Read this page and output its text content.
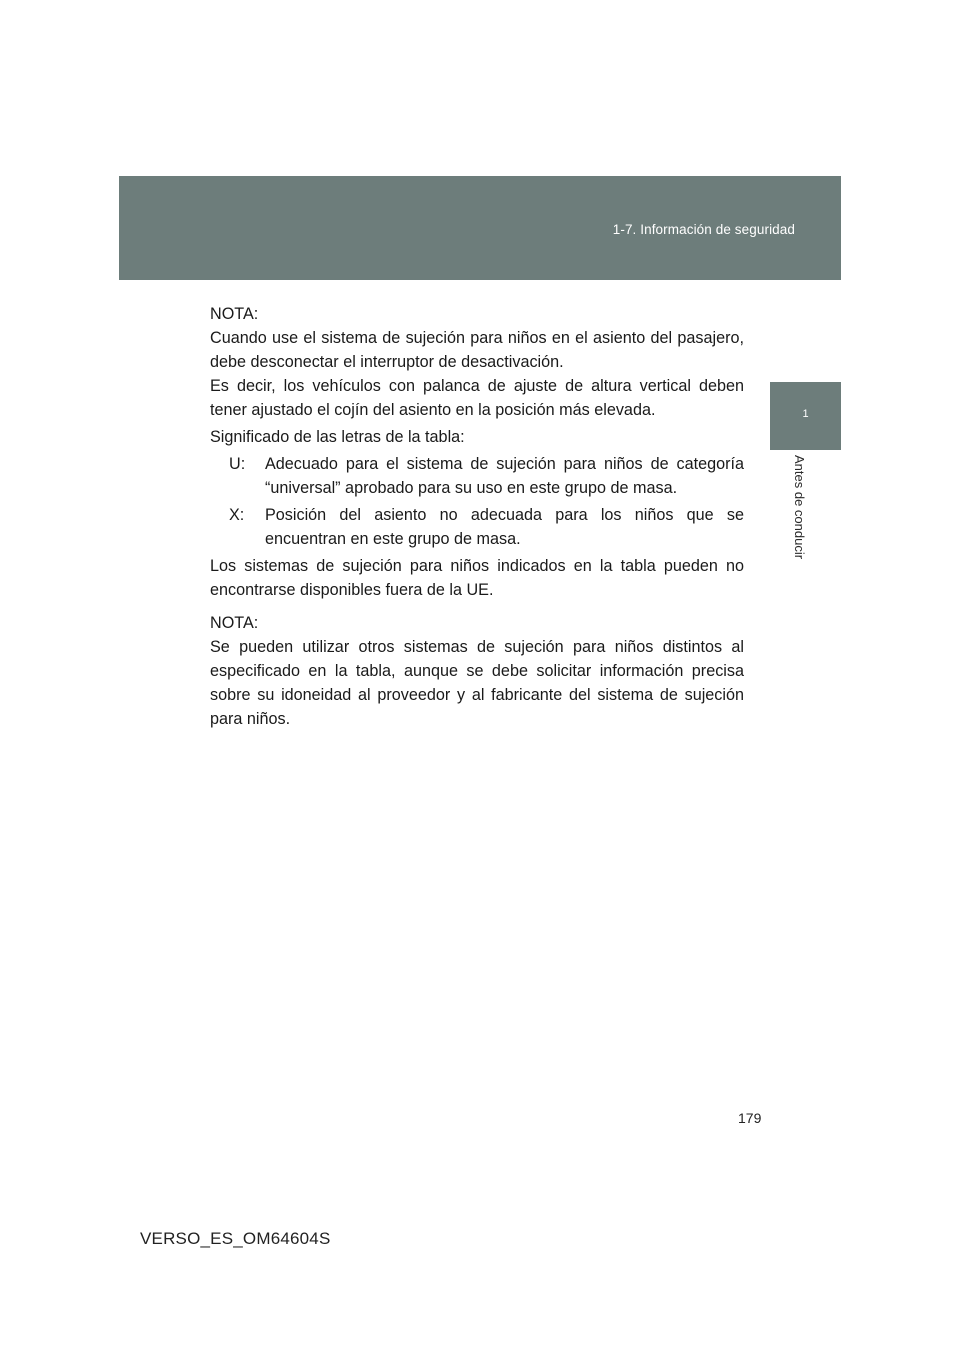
1-7. Información de seguridad
1
Antes de conducir

NOTA:

Cuando use el sistema de sujeción para niños en el asiento del pasajero, debe desconectar el interruptor de desactivación.

Es decir, los vehículos con palanca de ajuste de altura vertical deben tener ajustado el cojín del asiento en la posición más elevada.

Significado de las letras de la tabla:

U:	Adecuado para el sistema de sujeción para niños de categoría “universal” aprobado para su uso en este grupo de masa.
X:	Posición del asiento no adecuada para los niños que se encuentran en este grupo de masa.

Los sistemas de sujeción para niños indicados en la tabla pueden no encontrarse disponibles fuera de la UE.

NOTA:

Se pueden utilizar otros sistemas de sujeción para niños distintos al especificado en la tabla, aunque se debe solicitar información precisa sobre su idoneidad al proveedor y al fabricante del sistema de sujeción para niños.

179
VERSO_ES_OM64604S
